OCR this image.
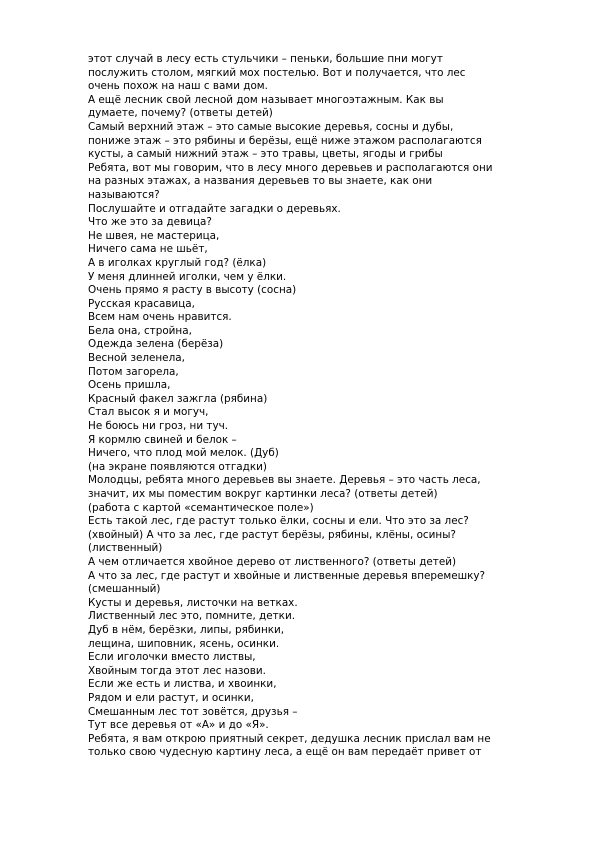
этот случай в лесу есть стульчики – пеньки, большие пни могут
послужить столом, мягкий мох постелью. Вот и получается, что лес
очень похож на наш с вами дом.
А ещё лесник свой лесной дом называет многоэтажным. Как вы
думаете, почему? (ответы детей)
Самый верхний этаж – это самые высокие деревья, сосны и дубы,
пониже этаж – это рябины и берёзы, ещё ниже этажом располагаются
кусты, а самый нижний этаж – это травы, цветы, ягоды и грибы
Ребята, вот мы говорим, что в лесу много деревьев и располагаются они
на разных этажах, а названия деревьев то вы знаете, как они
называются?
Послушайте и отгадайте загадки о деревьях.
Что же это за девица?
Не швея, не мастерица,
Ничего сама не шьёт,
А в иголках круглый год? (ёлка)
У меня длинней иголки, чем у ёлки.
Очень прямо я расту в высоту (сосна)
Русская красавица,
Всем нам очень нравится.
Бела она, стройна,
Одежда зелена (берёза)
Весной зеленела,
Потом загорела,
Осень пришла,
Красный факел зажгла (рябина)
Стал высок я и могуч,
Не боюсь ни гроз, ни туч.
Я кормлю свиней и белок –
Ничего, что плод мой мелок. (Дуб)
(на экране появляются отгадки)
Молодцы, ребята много деревьев вы знаете. Деревья – это часть леса,
значит, их мы поместим вокруг картинки леса? (ответы детей)
(работа с картой «семантическое поле»)
Есть такой лес, где растут только ёлки, сосны и ели. Что это за лес?
(хвойный) А что за лес, где растут берёзы, рябины, клёны, осины?
(лиственный)
А чем отличается хвойное дерево от лиственного? (ответы детей)
А что за лес, где растут и хвойные и лиственные деревья вперемешку?
(смешанный)
Кусты и деревья, листочки на ветках.
Лиственный лес это, помните, детки.
Дуб в нём, берёзки, липы, рябинки,
лещина, шиповник, ясень, осинки.
Если иголочки вместо листвы,
Хвойным тогда этот лес назови.
Если же есть и листва, и хвоинки,
Рядом и ели растут, и осинки,
Смешанным лес тот зовётся, друзья –
Тут все деревья от «А» и до «Я».
Ребята, я вам открою приятный секрет, дедушка лесник прислал вам не
только свою чудесную картину леса, а ещё он вам передаёт привет от
